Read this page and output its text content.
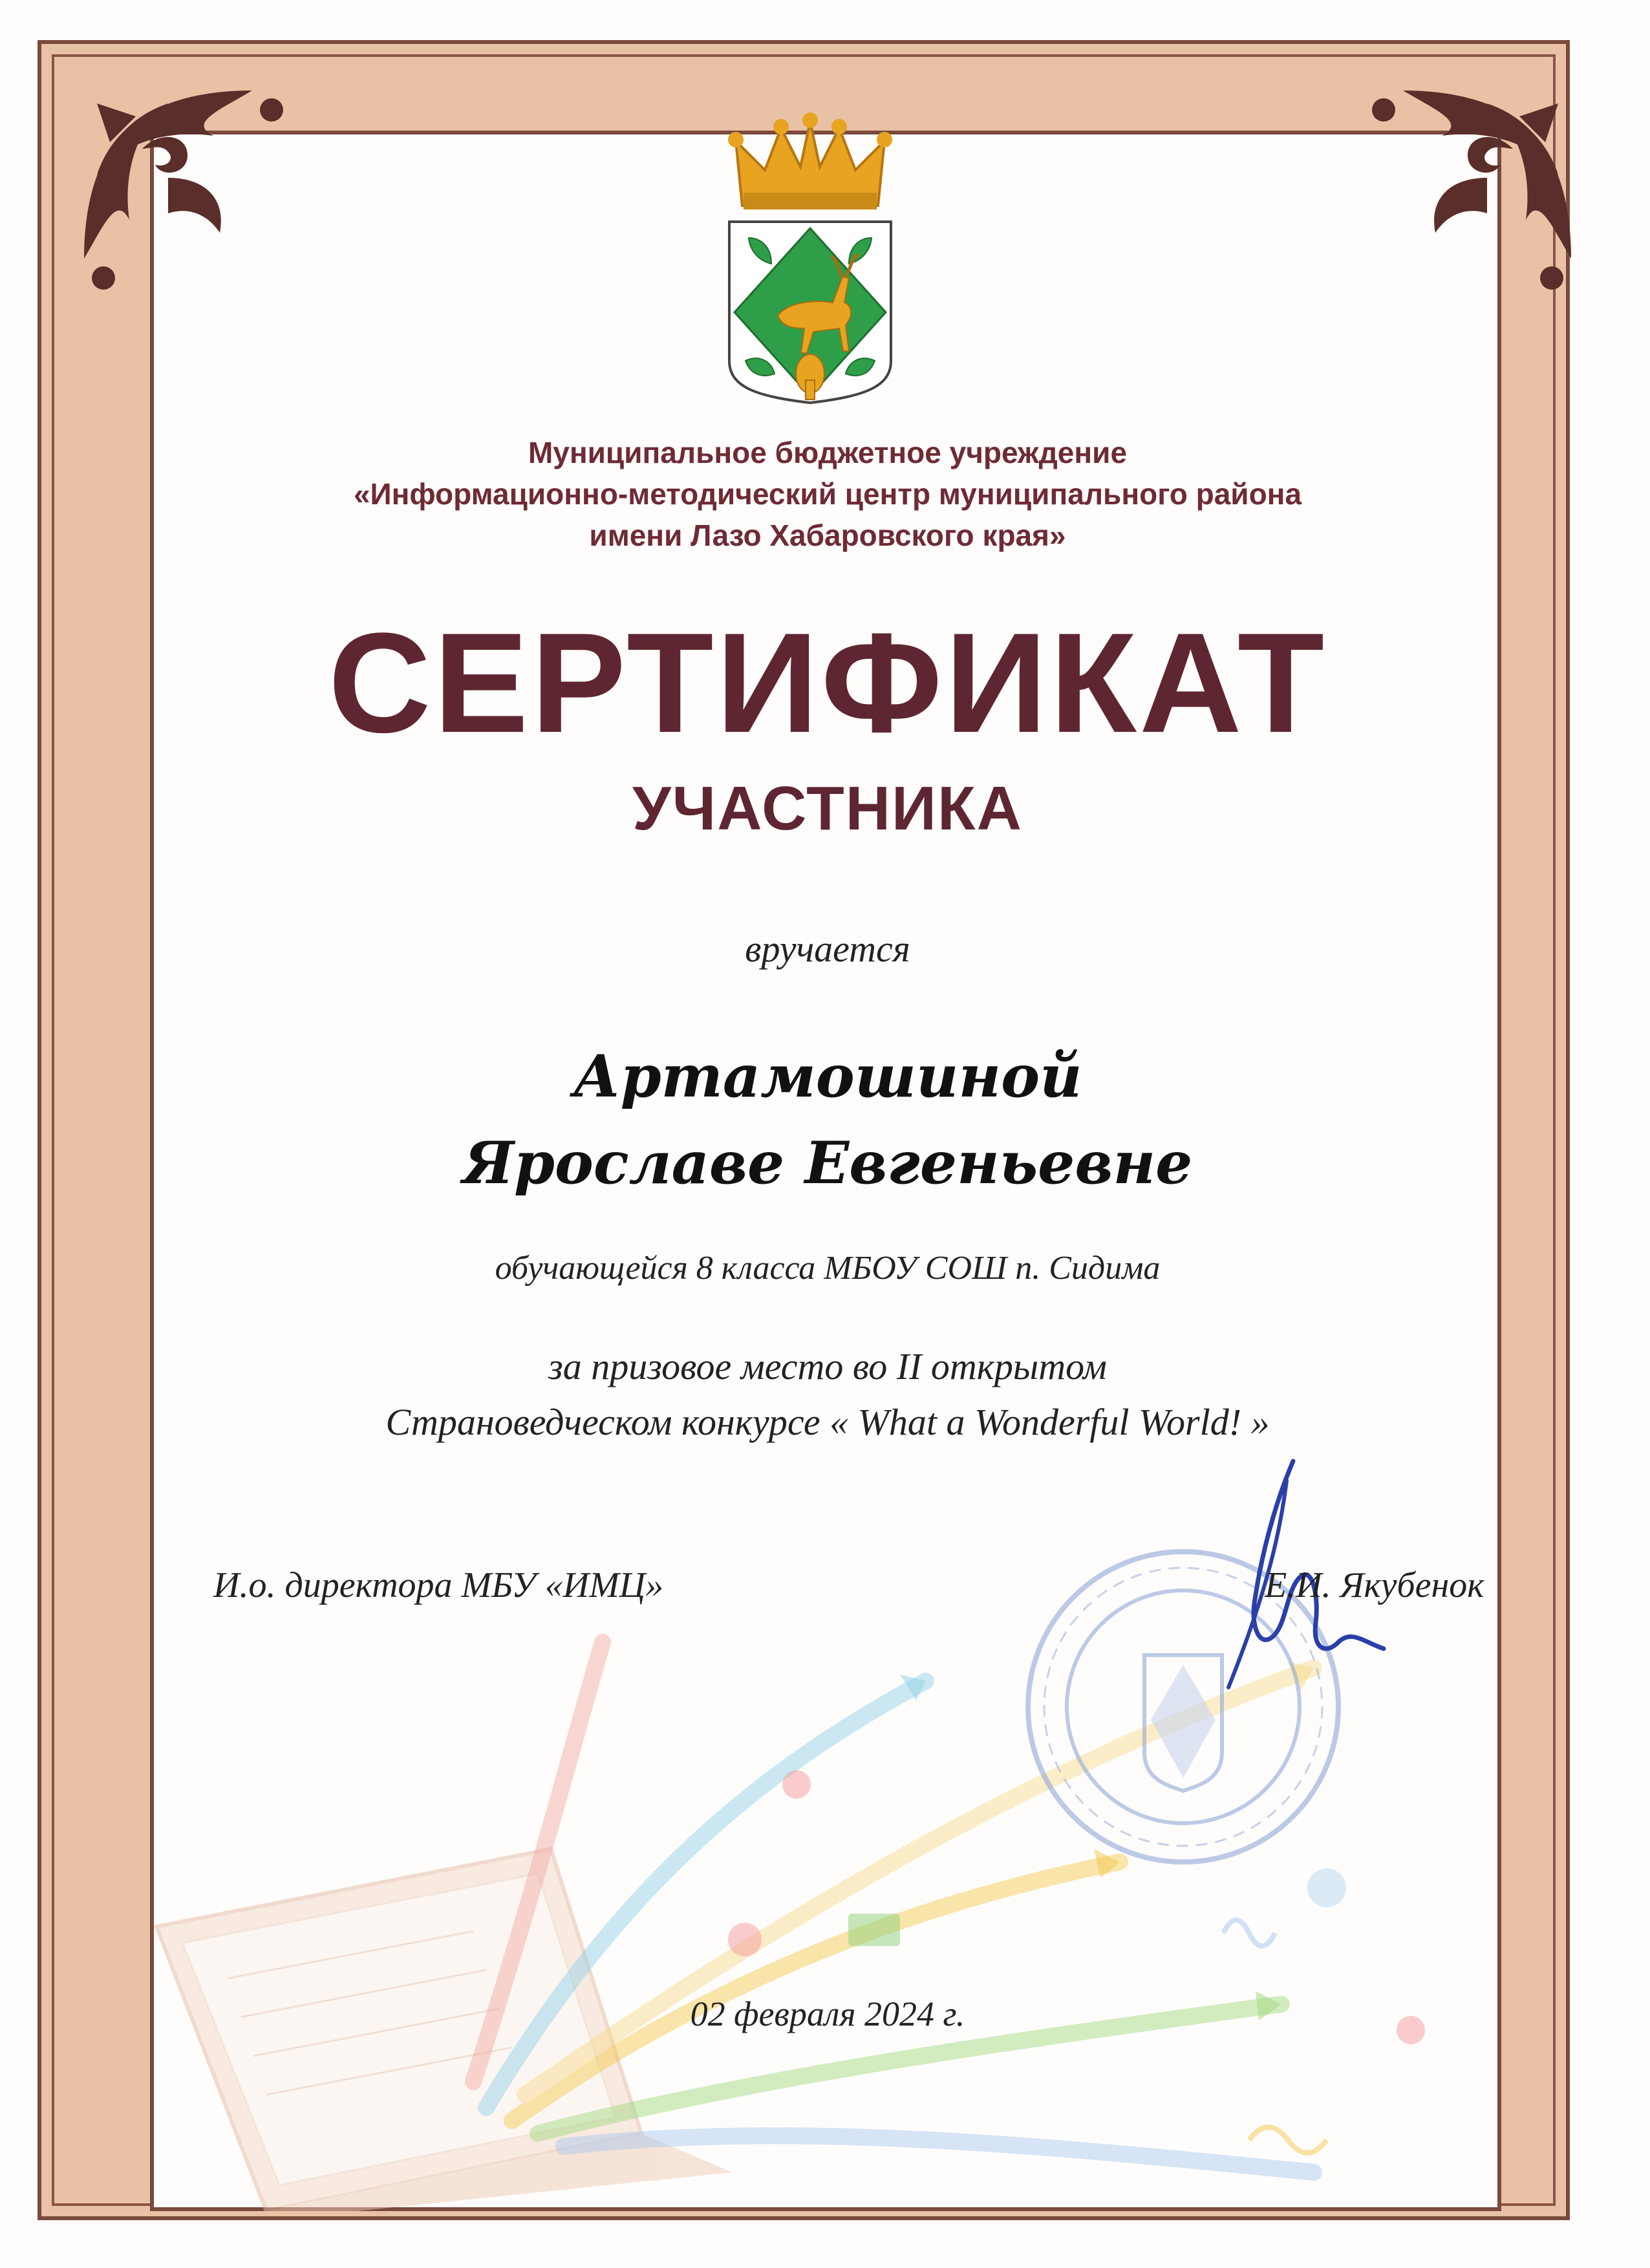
Муниципальное бюджетное учреждение
«Информационно-методический центр муниципального района
имени Лазо Хабаровского края»
СЕРТИФИКАТ
УЧАСТНИКА
вручается
Артамошиной
Ярославе Евгеньевне
обучающейся 8 класса МБОУ СОШ п. Сидима
за призовое место во II открытом
Страноведческом конкурсе « What a Wonderful World! »
И.о. директора МБУ «ИМЦ»	Е.И. Якубенок
02 февраля 2024 г.
